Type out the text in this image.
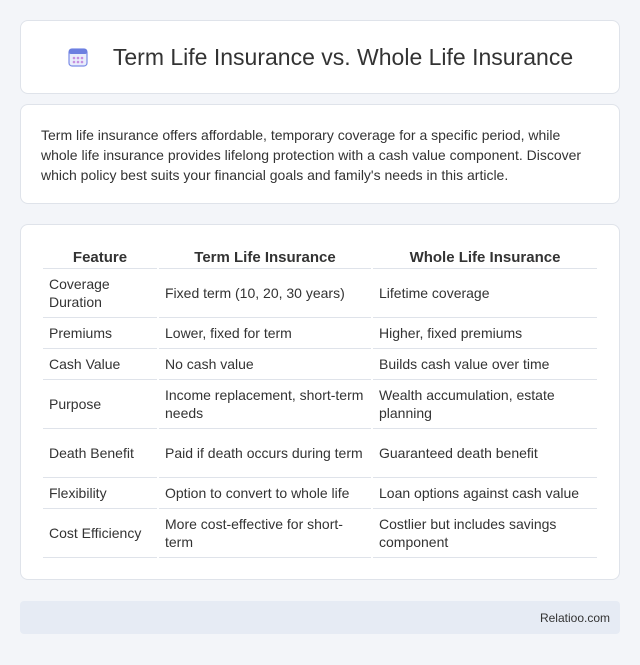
Term Life Insurance vs. Whole Life Insurance

Term life insurance offers affordable, temporary coverage for a specific period, while whole life insurance provides lifelong protection with a cash value component. Discover which policy best suits your financial goals and family's needs in this article.

Feature	Term Life Insurance	Whole Life Insurance
Coverage Duration	Fixed term (10, 20, 30 years)	Lifetime coverage
Premiums	Lower, fixed for term	Higher, fixed premiums
Cash Value	No cash value	Builds cash value over time
Purpose	Income replacement, short-term needs	Wealth accumulation, estate planning
Death Benefit	Paid if death occurs during term	Guaranteed death benefit
Flexibility	Option to convert to whole life	Loan options against cash value
Cost Efficiency	More cost-effective for short-term	Costlier but includes savings component
Relatioo.com
